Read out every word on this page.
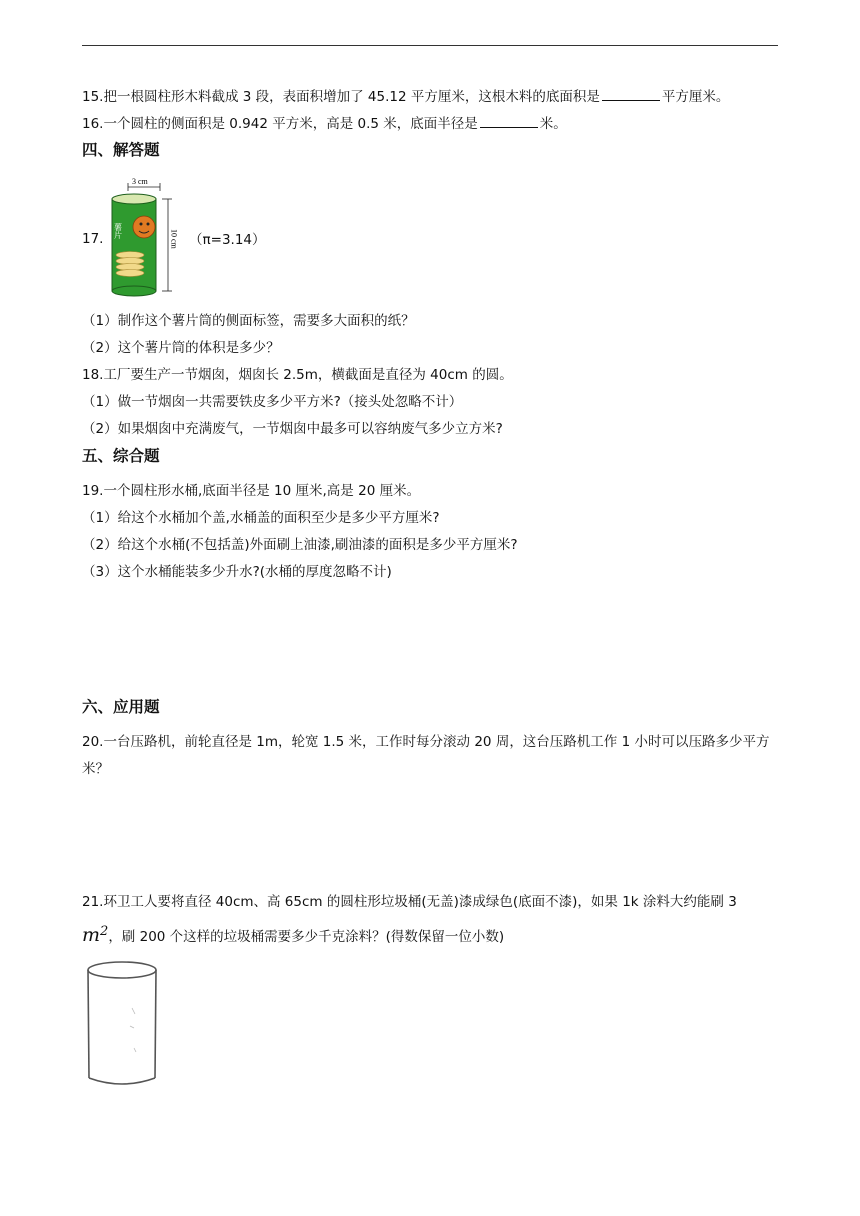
15.把一根圆柱形木料截成 3 段，表面积增加了 45.12 平方厘米，这根木料的底面积是	平方厘米。
16.一个圆柱的侧面积是 0.942 平方米，高是 0.5 米，底面半径是	米。
四、解答题
17.
3 cm
薯片	10 cm （π=3.14）
（1）制作这个薯片筒的侧面标签，需要多大面积的纸？
（2）这个薯片筒的体积是多少？
18.工厂要生产一节烟囱，烟囱长 2.5m，横截面是直径为 40cm 的圆。
（1）做一节烟囱一共需要铁皮多少平方米?（接头处忽略不计）
（2）如果烟囱中充满废气，一节烟囱中最多可以容纳废气多少立方米?
五、综合题
19.一个圆柱形水桶,底面半径是 10 厘米,高是 20 厘米。
（1）给这个水桶加个盖,水桶盖的面积至少是多少平方厘米?
（2）给这个水桶(不包括盖)外面刷上油漆,刷油漆的面积是多少平方厘米?
（3）这个水桶能装多少升水?(水桶的厚度忽略不计)
六、应用题
20.一台压路机，前轮直径是 1m，轮宽 1.5 米，工作时每分滚动 20 周，这台压路机工作 1 小时可以压路多少平方米？
21.环卫工人要将直径 40cm、高 65cm 的圆柱形垃圾桶(无盖)漆成绿色(底面不漆)，如果 1k 涂料大约能刷 3
$m^2$，刷 200 个这样的垃圾桶需要多少千克涂料？(得数保留一位小数)
